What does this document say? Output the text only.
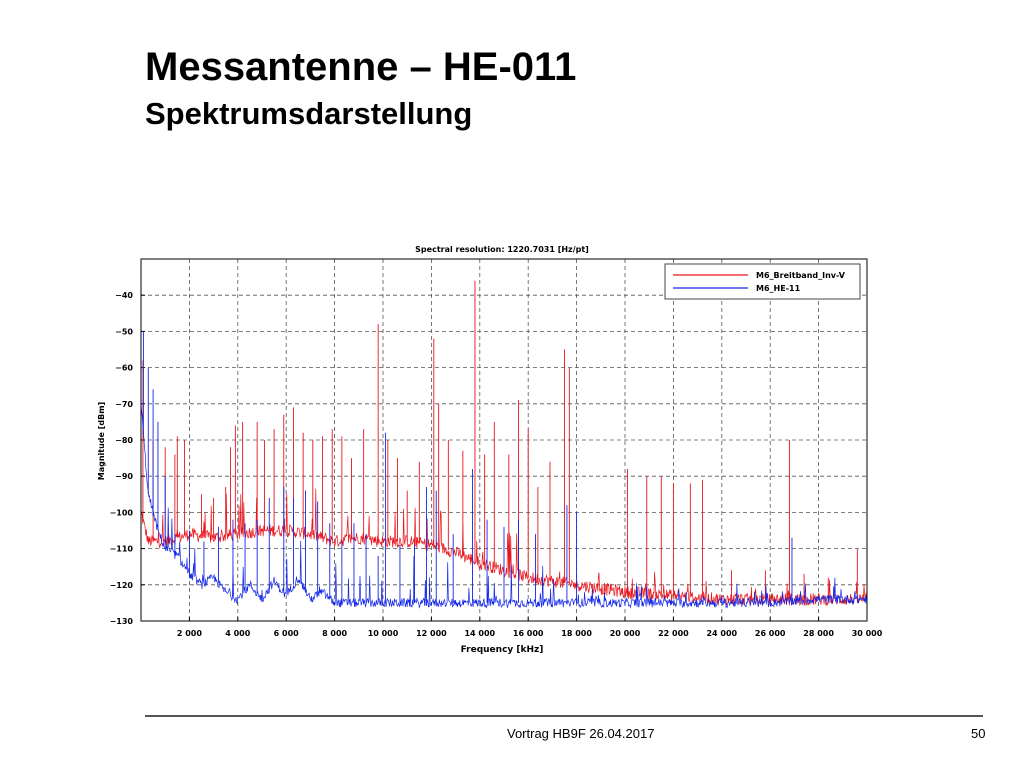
Messantenne – HE-011
Spektrumsdarstellung
−40
−50
−60
−70
−80
−90
−100
−110
−120
−130
2 000	4 000	6 000	8 000	10 000 12 000 14 000 16 000 18 000 20 000 22 000 24 000 26 000 28 000 30 000
Spectral resolution: 1220.7031 [Hz/pt]
Frequency [kHz]
Magnitude [dBm]
M6_Breitband_Inv-V
M6_HE-11
Vortrag HB9F 26.04.2017	50
